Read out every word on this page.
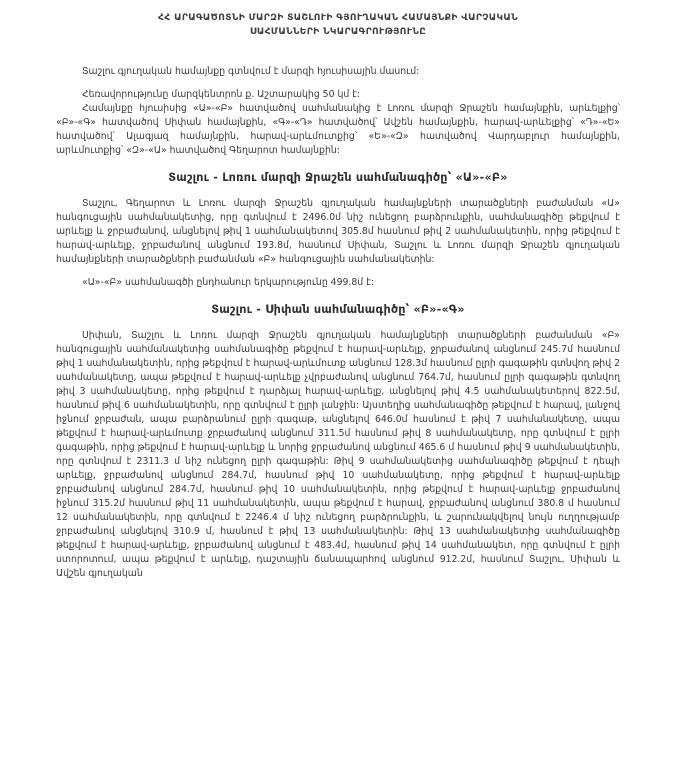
ՀՀ ԱՐԱԳԱԾՈՏՆԻ ՄԱՐԶԻ ՏԱՇԼՈՒԻ ԳՅՈՒՂԱԿԱՆ ՀԱՄԱՅՆՔԻ ՎԱՐՉԱԿԱՆ
ՍԱՀՄԱՆՆԵՐԻ ՆԿԱՐԱԳՐՈՒԹՅՈՒՆԸ

Տաշլու գյուղական համայնքը գտնվում է մարզի հյուսիսային մասում:

Հեռավորությունը մարզկենտրոն ք. Աշտարակից 50 կմ է:

Համայնքը հյուսիսից «Ա»-«Բ» հատվածով սահմանակից է Լոռու մարզի Ջրաշեն համայնքին, արևելքից՝ «Բ»-«Գ» հատվածով Սիփան համայնքին, «Գ»-«Դ» հատվածով՝ Ավշեն համայնքին, հարավ-արևելքից՝ «Դ»-«Ե» հատվածով՝ Ալագյազ համայնքին, հարավ-արևմուտքից՝ «Ե»-«Զ» հատվածով Վարդաբլուր համայնքին, արևմուտքից՝ «Զ»-«Ա» հատվածով Գեղարոտ համայնքին:

Տաշլու - Լոռու մարզի Ջրաշեն սահմանագիծը՝ «Ա»-«Բ»

Տաշլու, Գեղարոտ և Լոռու մարզի Ջրաշեն գյուղական համայնքների տարածքների բաժանման «Ա» հանգուցային սահմանակետից, որը գտնվում է 2496.0մ նիշ ունեցող բարձրունքին, սահմանագիծը թեքվում է արևելք և ջրբաժանով, անցնելով թիվ 1 սահմանակետով 305.8մ հասնում թիվ 2 սահմանակետին, որից թեքվում է հարավ-արևելք, ջրբաժանով անցնում 193.8մ, հասնում Սիփան, Տաշլու և Լոռու մարզի Ջրաշեն գյուղական համայնքների տարածքների բաժանման «Բ» հանգուցային սահմանակետին:

«Ա»-«Բ» սահմանագծի ընդհանուր երկարությունը 499.8մ է:

Տաշլու - Սիփան սահմանագիծը՝ «Բ»-«Գ»

Սիփան, Տաշլու և Լոռու մարզի Ջրաշեն գյուղական համայնքների տարածքների բաժանման «Բ» հանգուցային սահմանակետից սահմանագիծը թեքվում է հարավ-արևելք, ջրբաժանով անցնում 245.7մ հասնում թիվ 1 սահմանակետին, որից թեքվում է հարավ-արևմուտք անցնում 128.3մ հասնում ըլրի գագաթին գտնվող թիվ 2 սահմանակետը, ապա թեքվում է հարավ-արևելք չվրբաժանով անցնում 764.7մ, հասնում ըլրի գագաթին գտնվող թիվ 3 սահմանակետը, որից թեքվում է դարձյալ հարավ-արևելք, անցնելով թիվ 4.5 սահմանակետերով 822.5մ, հասնում թիվ 6 սահմանակետին, որը գտնվում է ըլրի լանջին: Այստեղից սահմանագիծը թեքվում է հարավ, լանջով իջնում ջրբաժան, ապա բարձրանում ըլրի գագաթ, անցնելով 646.0մ հասնում է թիվ 7 սահմանակետը, ապա թեքվում է հարավ-արևմուտք ջրբաժանով անցնում 311.5մ հասնում թիվ 8 սահմանակետը, որը գտնվում է ըլրի գագաթին, որից թեքվում է հարավ-արևելք և նորից ջրբաժանով անցնում 465.6 մ հասնում թիվ 9 սահմանակետին, որը գտնվում է 2311.3 մ նիշ ունեցող ըլրի գագաթին: Թիվ 9 սահմանակետից սահմանագիծը թեքվում է դեպի արևելք, ջրբաժանով անցնում 284.7մ, հասնում թիվ 10 սահմանակետը, որից թեքվում է հարավ-արևելք ջրբաժանով անցնում 284.7մ, հասնում թիվ 10 սահմանակետին, որից թեքվում է հարավ-արևելք ջրբաժանով իջնում 315.2մ հասնում թիվ 11 սահմանակետին, ապա թեքվում է հարավ, ջրբաժանով անցնում 380.8 մ հասնում 12 սահմանակետին, որը գտնվում է 2246.4 մ նիշ ունեցող բարձրունքին, և շարունակվելով նույն ուղղությամբ ջրբաժանով անցնելով 310.9 մ, հասնում է թիվ 13 սահմանակետին: Թիվ 13 սահմանակետից սահմանագիծը թեքվում է հարավ-արևելք, ջրբաժանով անցնում է 483.4մ, հասնում թիվ 14 սահմանակետ, որը գտնվում է ըլրի ստորոտում, ապա թեքվում է արևելք, դաշտային ճանապարհով անցնում 912.2մ, հասնում Տաշլու, Սիփան և Ավշեն գյուղական
